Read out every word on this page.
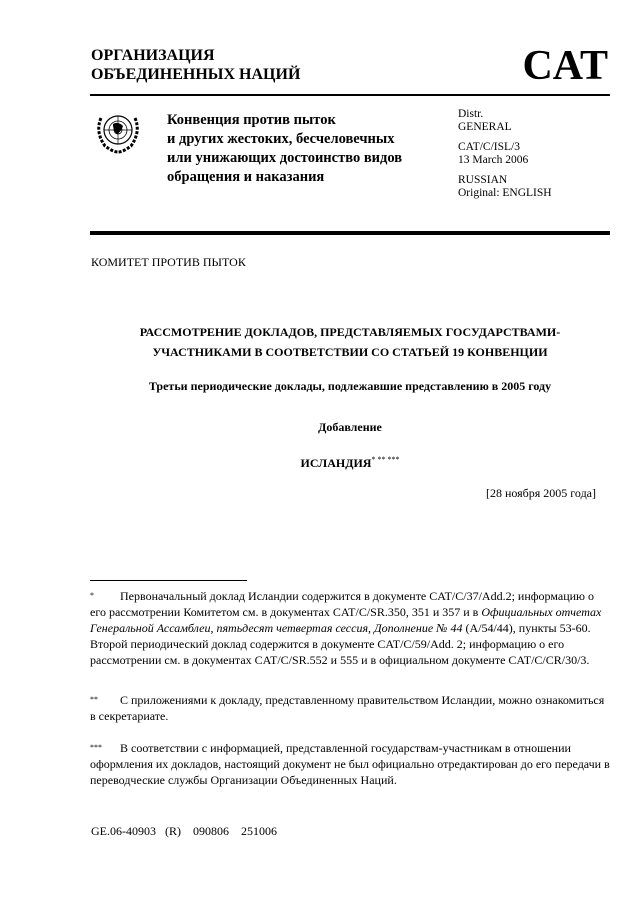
ОРГАНИЗАЦИЯ
ОБЪЕДИНЕННЫХ НАЦИЙ	CAT
Конвенция против пыток
и других жестоких, бесчеловечных
или унижающих достоинство видов
обращения и наказания
Distr.
GENERAL
CAT/C/ISL/3
13 March 2006
RUSSIAN
Original: ENGLISH
КОМИТЕТ ПРОТИВ ПЫТОК
РАССМОТРЕНИЕ ДОКЛАДОВ, ПРЕДСТАВЛЯЕМЫХ ГОСУДАРСТВАМИ-
УЧАСТНИКАМИ В СООТВЕТСТВИИ СО СТАТЬЕЙ 19 КОНВЕНЦИИ
Третьи периодические доклады, подлежавшие представлению в 2005 году
Добавление
ИСЛАНДИЯ* ** ***
[28 ноября 2005 года]
* Первоначальный доклад Исландии содержится в документе CAT/C/37/Add.2; информацию о его рассмотрении Комитетом см. в документах CAT/C/SR.350, 351 и 357 и в Официальных отчетах Генеральной Ассамблеи, пятьдесят четвертая сессия, Дополнение № 44 (A/54/44), пункты 53-60. Второй периодический доклад содержится в документе CAT/C/59/Add. 2; информацию о его рассмотрении см. в документах CAT/C/SR.552 и 555 и в официальном документе CAT/C/CR/30/3.
** С приложениями к докладу, представленному правительством Исландии, можно ознакомиться в секретариате.
*** В соответствии с информацией, представленной государствам-участникам в отношении оформления их докладов, настоящий документ не был официально отредактирован до его передачи в переводческие службы Организации Объединенных Наций.
GE.06-40903   (R)    090806    251006
